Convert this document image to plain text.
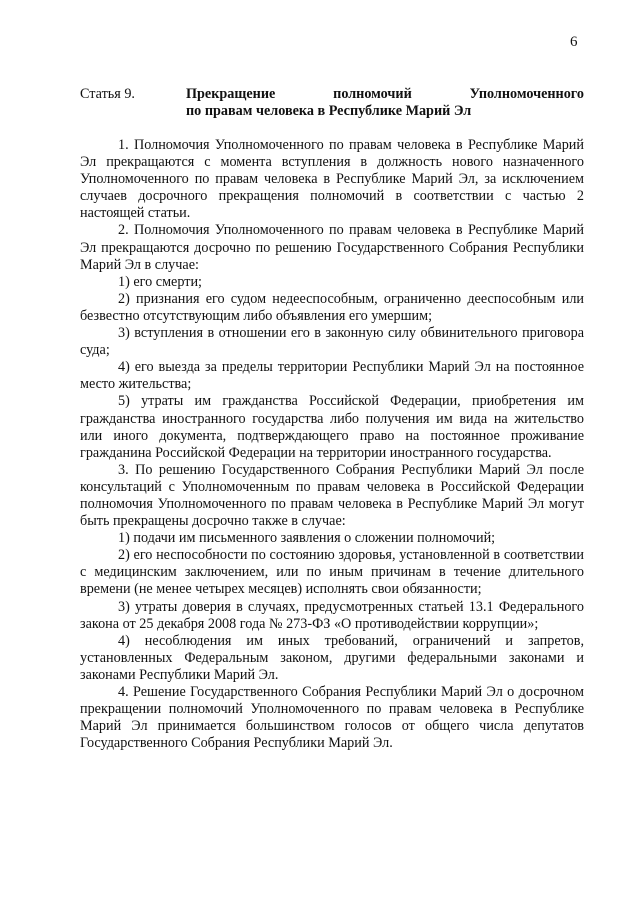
6
Статья 9.	Прекращение полномочий Уполномоченного
по правам человека в Республике Марий Эл

1. Полномочия Уполномоченного по правам человека в Республике Марий Эл прекращаются с момента вступления в должность нового назначенного Уполномоченного по правам человека в Республике Марий Эл, за исключением случаев досрочного прекращения полномочий в соответствии с частью 2 настоящей статьи.

2. Полномочия Уполномоченного по правам человека в Республике Марий Эл прекращаются досрочно по решению Государственного Собрания Республики Марий Эл в случае:

1) его смерти;

2) признания его судом недееспособным, ограниченно дееспособным или безвестно отсутствующим либо объявления его умершим;

3) вступления в отношении его в законную силу обвинительного приговора суда;

4) его выезда за пределы территории Республики Марий Эл на постоянное место жительства;

5) утраты им гражданства Российской Федерации, приобретения им гражданства иностранного государства либо получения им вида на жительство или иного документа, подтверждающего право на постоянное проживание гражданина Российской Федерации на территории иностранного государства.

3. По решению Государственного Собрания Республики Марий Эл после консультаций с Уполномоченным по правам человека в Российской Федерации полномочия Уполномоченного по правам человека в Республике Марий Эл могут быть прекращены досрочно также в случае:

1) подачи им письменного заявления о сложении полномочий;

2) его неспособности по состоянию здоровья, установленной в соответствии с медицинским заключением, или по иным причинам в течение длительного времени (не менее четырех месяцев) исполнять свои обязанности;

3) утраты доверия в случаях, предусмотренных статьей 13.1 Федерального закона от 25 декабря 2008 года № 273-ФЗ «О противодействии коррупции»;

4) несоблюдения им иных требований, ограничений и запретов, установленных Федеральным законом, другими федеральными законами и законами Республики Марий Эл.

4. Решение Государственного Собрания Республики Марий Эл о досрочном прекращении полномочий Уполномоченного по правам человека в Республике Марий Эл принимается большинством голосов от общего числа депутатов Государственного Собрания Республики Марий Эл.
